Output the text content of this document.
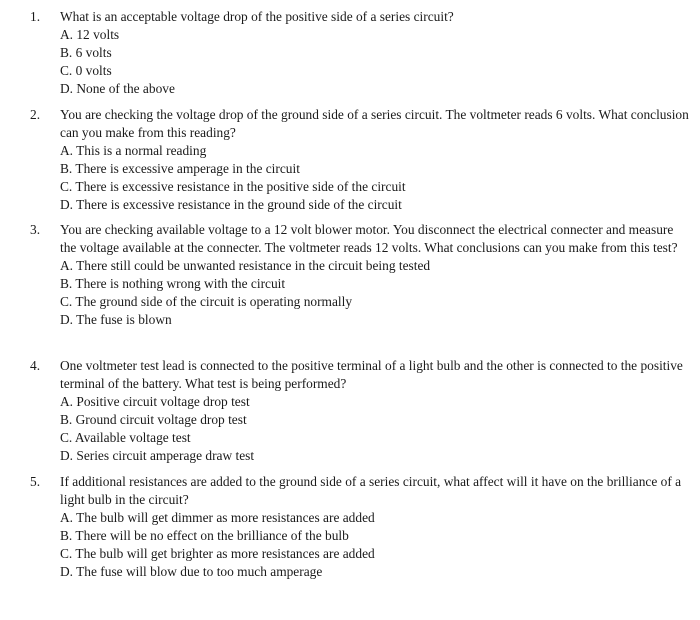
1.	What is an acceptable voltage drop of the positive side of a series circuit?
A. 12 volts
B. 6 volts
C. 0 volts
D. None of the above
2.	You are checking the voltage drop of the ground side of a series circuit. The voltmeter reads 6 volts. What conclusion can you make from this reading?
A. This is a normal reading
B. There is excessive amperage in the circuit
C. There is excessive resistance in the positive side of the circuit
D. There is excessive resistance in the ground side of the circuit
3.	You are checking available voltage to a 12 volt blower motor. You disconnect the electrical connecter and measure the voltage available at the connecter. The voltmeter reads 12 volts. What conclusions can you make from this test?
A. There still could be unwanted resistance in the circuit being tested
B. There is nothing wrong with the circuit
C. The ground side of the circuit is operating normally
D. The fuse is blown
4.	One voltmeter test lead is connected to the positive terminal of a light bulb and the other is connected to the positive terminal of the battery. What test is being performed?
A. Positive circuit voltage drop test
B. Ground circuit voltage drop test
C. Available voltage test
D. Series circuit amperage draw test
5.	If additional resistances are added to the ground side of a series circuit, what affect will it have on the brilliance of a light bulb in the circuit?
A. The bulb will get dimmer as more resistances are added
B. There will be no effect on the brilliance of the bulb
C. The bulb will get brighter as more resistances are added
D. The fuse will blow due to too much amperage
